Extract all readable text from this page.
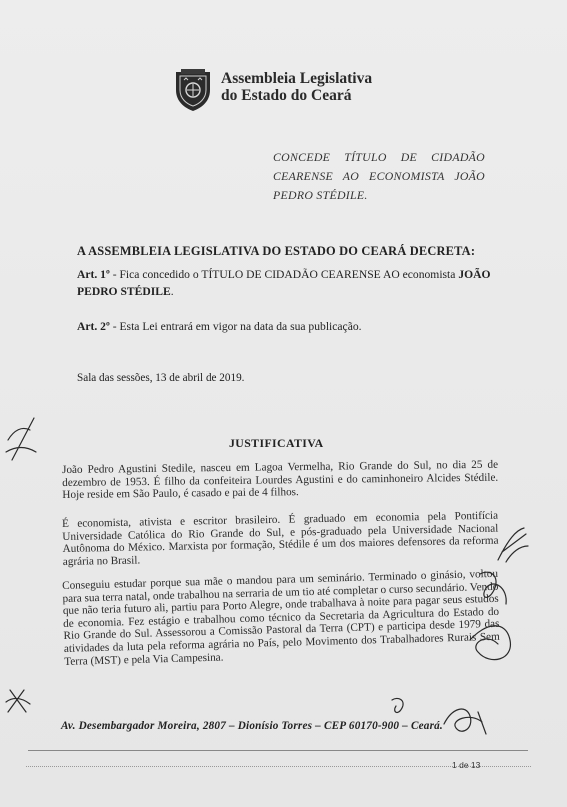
Assembleia Legislativa
do Estado do Ceará
CONCEDE TÍTULO DE CIDADÃO CEARENSE AO ECONOMISTA JOÃO PEDRO STÉDILE.
A ASSEMBLEIA LEGISLATIVA DO ESTADO DO CEARÁ DECRETA:
Art. 1º - Fica concedido o TÍTULO DE CIDADÃO CEARENSE AO economista JOÃO PEDRO STÉDILE.
Art. 2º - Esta Lei entrará em vigor na data da sua publicação.
Sala das sessões, 13 de abril de 2019.
JUSTIFICATIVA
João Pedro Agustini Stedile, nasceu em Lagoa Vermelha, Rio Grande do Sul, no dia 25 de dezembro de 1953. É filho da confeiteira Lourdes Agustini e do caminhoneiro Alcides Stédile. Hoje reside em São Paulo, é casado e pai de 4 filhos.
É economista, ativista e escritor brasileiro. É graduado em economia pela Pontifícia Universidade Católica do Rio Grande do Sul, e pós-graduado pela Universidade Nacional Autônoma do México. Marxista por formação, Stédile é um dos maiores defensores da reforma agrária no Brasil.
Conseguiu estudar porque sua mãe o mandou para um seminário. Terminado o ginásio, voltou para sua terra natal, onde trabalhou na serraria de um tio até completar o curso secundário. Vendo que não teria futuro ali, partiu para Porto Alegre, onde trabalhava à noite para pagar seus estudos de economia. Fez estágio e trabalhou como técnico da Secretaria da Agricultura do Estado do Rio Grande do Sul. Assessorou a Comissão Pastoral da Terra (CPT) e participa desde 1979 das atividades da luta pela reforma agrária no País, pelo Movimento dos Trabalhadores Rurais Sem Terra (MST) e pela Via Campesina.
Av. Desembargador Moreira, 2807 – Dionísio Torres – CEP 60170-900 – Ceará.
1 de 13
